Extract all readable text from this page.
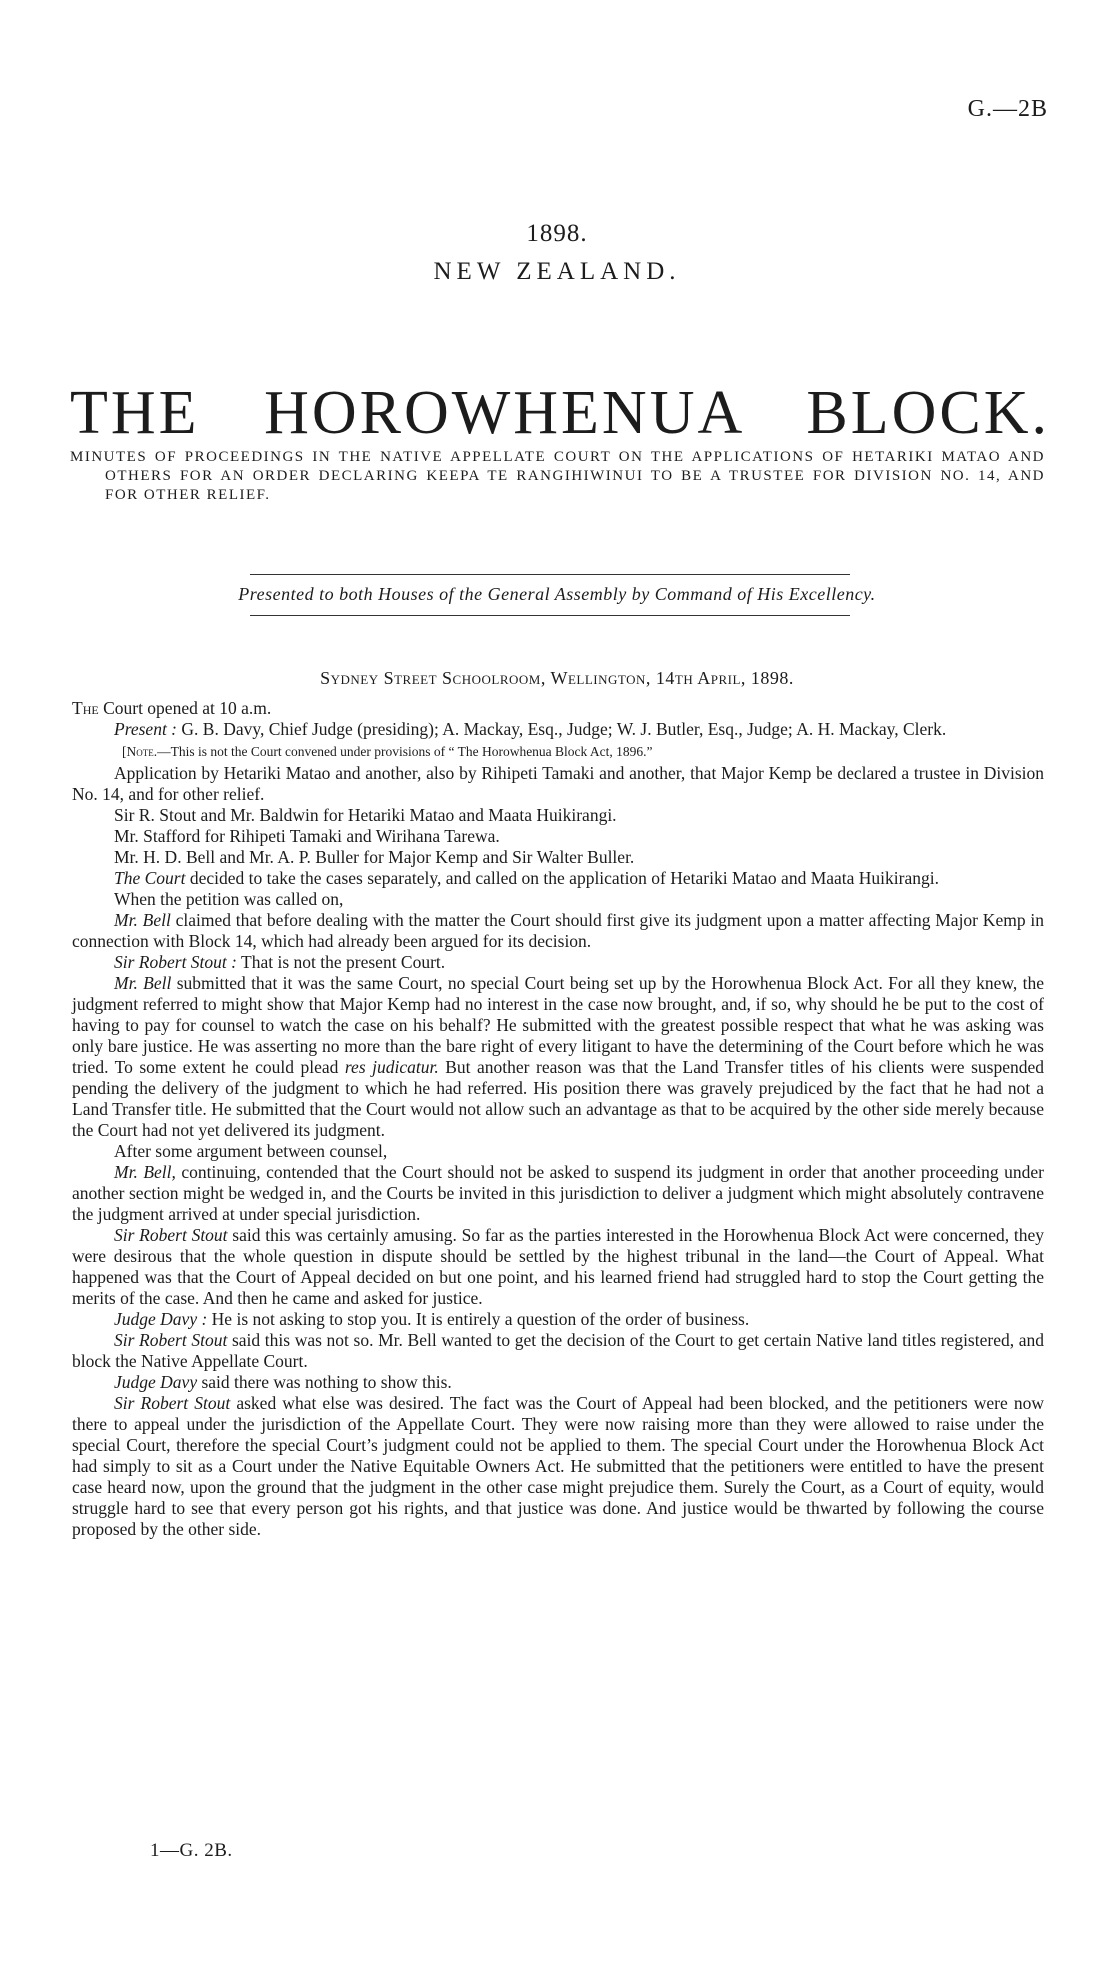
G.—2B
1898.
NEW ZEALAND.
THE HOROWHENUA BLOCK.
MINUTES OF PROCEEDINGS IN THE NATIVE APPELLATE COURT ON THE APPLICATIONS OF HETARIKI MATAO AND OTHERS FOR AN ORDER DECLARING KEEPA TE RANGIHIWINUI TO BE A TRUSTEE FOR DIVISION NO. 14, AND FOR OTHER RELIEF.
Presented to both Houses of the General Assembly by Command of His Excellency.
Sydney Street Schoolroom, Wellington, 14th April, 1898.

The Court opened at 10 a.m.

Present : G. B. Davy, Chief Judge (presiding); A. Mackay, Esq., Judge; W. J. Butler, Esq., Judge; A. H. Mackay, Clerk.

[Note.—This is not the Court convened under provisions of “ The Horowhenua Block Act, 1896.”

Application by Hetariki Matao and another, also by Rihipeti Tamaki and another, that Major Kemp be declared a trustee in Division No. 14, and for other relief.

Sir R. Stout and Mr. Baldwin for Hetariki Matao and Maata Huikirangi.

Mr. Stafford for Rihipeti Tamaki and Wirihana Tarewa.

Mr. H. D. Bell and Mr. A. P. Buller for Major Kemp and Sir Walter Buller.

The Court decided to take the cases separately, and called on the application of Hetariki Matao and Maata Huikirangi.

When the petition was called on,

Mr. Bell claimed that before dealing with the matter the Court should first give its judgment upon a matter affecting Major Kemp in connection with Block 14, which had already been argued for its decision.

Sir Robert Stout : That is not the present Court.

Mr. Bell submitted that it was the same Court, no special Court being set up by the Horowhenua Block Act. For all they knew, the judgment referred to might show that Major Kemp had no interest in the case now brought, and, if so, why should he be put to the cost of having to pay for counsel to watch the case on his behalf? He submitted with the greatest possible respect that what he was asking was only bare justice. He was asserting no more than the bare right of every litigant to have the determining of the Court before which he was tried. To some extent he could plead res judicatur. But another reason was that the Land Transfer titles of his clients were suspended pending the delivery of the judgment to which he had referred. His position there was gravely prejudiced by the fact that he had not a Land Transfer title. He submitted that the Court would not allow such an advantage as that to be acquired by the other side merely because the Court had not yet delivered its judgment.

After some argument between counsel,

Mr. Bell, continuing, contended that the Court should not be asked to suspend its judgment in order that another proceeding under another section might be wedged in, and the Courts be invited in this jurisdiction to deliver a judgment which might absolutely contravene the judgment arrived at under special jurisdiction.

Sir Robert Stout said this was certainly amusing. So far as the parties interested in the Horowhenua Block Act were concerned, they were desirous that the whole question in dispute should be settled by the highest tribunal in the land—the Court of Appeal. What happened was that the Court of Appeal decided on but one point, and his learned friend had struggled hard to stop the Court getting the merits of the case. And then he came and asked for justice.

Judge Davy : He is not asking to stop you. It is entirely a question of the order of business.

Sir Robert Stout said this was not so. Mr. Bell wanted to get the decision of the Court to get certain Native land titles registered, and block the Native Appellate Court.

Judge Davy said there was nothing to show this.

Sir Robert Stout asked what else was desired. The fact was the Court of Appeal had been blocked, and the petitioners were now there to appeal under the jurisdiction of the Appellate Court. They were now raising more than they were allowed to raise under the special Court, therefore the special Court’s judgment could not be applied to them. The special Court under the Horowhenua Block Act had simply to sit as a Court under the Native Equitable Owners Act. He submitted that the petitioners were entitled to have the present case heard now, upon the ground that the judgment in the other case might prejudice them. Surely the Court, as a Court of equity, would struggle hard to see that every person got his rights, and that justice was done. And justice would be thwarted by following the course proposed by the other side.

1—G. 2B.
